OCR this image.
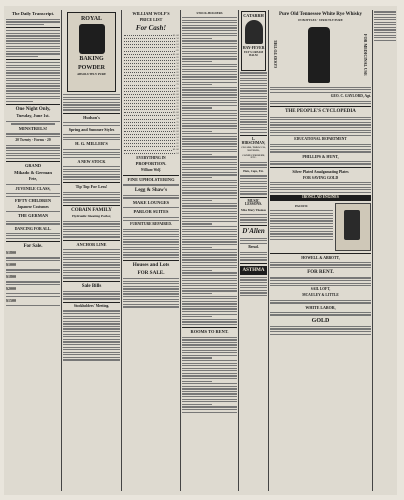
The Daily Transcript.
One Night Only,
Tuesday, June 1st.
MINSTRELS!
20 Twenty · Forms · 20
GRAND
Mikado & German
Fete,
JUVENILE CLASS,
FIFTY CHILDREN
Japanese Costumes
THE GERMAN
DANCING FOR ALL.
For Sale.
$1800
$1000
$1800
$2000
$1500
ROYAL
BAKING
POWDER
ABSOLUTELY PURE
Hudson's
Spring and Summer Styles
H. G. MILLER'S
A NEW STOCK
Tip Top For Less!
COBAIN FAMILY
Hydraulic Sheeting Parlor,
ANCHOR LINE
Sale Bills
Stockholders' Meeting.
WILLIAM WOLF'S
PRICE LIST
For Cash!
$1.00
.50
.25
.10
.75
.05
$1.00
.25
.10
.50
.75
.05
.25
$1.00
.10
.50
.75
.05
.25
$1.00
.10
.50
.75
.05
.25
$1.00
.10
.50
.75
.05
.25
$1.00
.10
.50
.75
.05
.25
$1.00
.10
EVERYTHING IN
PROPORTION.
William Wolf.
FINE UPHOLSTERING
Legg & Shaw's
MAKE LOUNGES
PARLOR SUITES
FURNITURE REPAIRED.
Houses and Lots
FOR SALE.
STOCK-HOLDERS
ROOMS TO RENT.
CATARRH
HAY-FEVER
ELY'S CREAM BALM
L. HIRSCHMAN,
CIGARS, TOBACCO, NOTIONS,
CONFECTIONERY, ETC.
Hats, Caps, Etc.
MUSIC LESSONS.
Miss Mary Thomas
D'Allen
Bread.
ASTHMA
Pure Old Tennessee White Rye Whisky
IN BOTTLES · STRICTLY PURE
GOOD TO THE	FOR MEDICINAL USE
GEO. C. GAYLORD, Agt.
THE PEOPLE'S CYCLOPEDIA
EDUCATIONAL DEPARTMENT
PHILLIPS & HUNT,
Silver Plated Amalgamating Plates
FOR SAVING GOLD
IRONCLAD ENGINES
PACIFIC
HOWELL & ABBOTT,
FOR RENT.
SAIL LOFT,
MCAULEY & LITTLE
WHITE LABOR,
GOLD
